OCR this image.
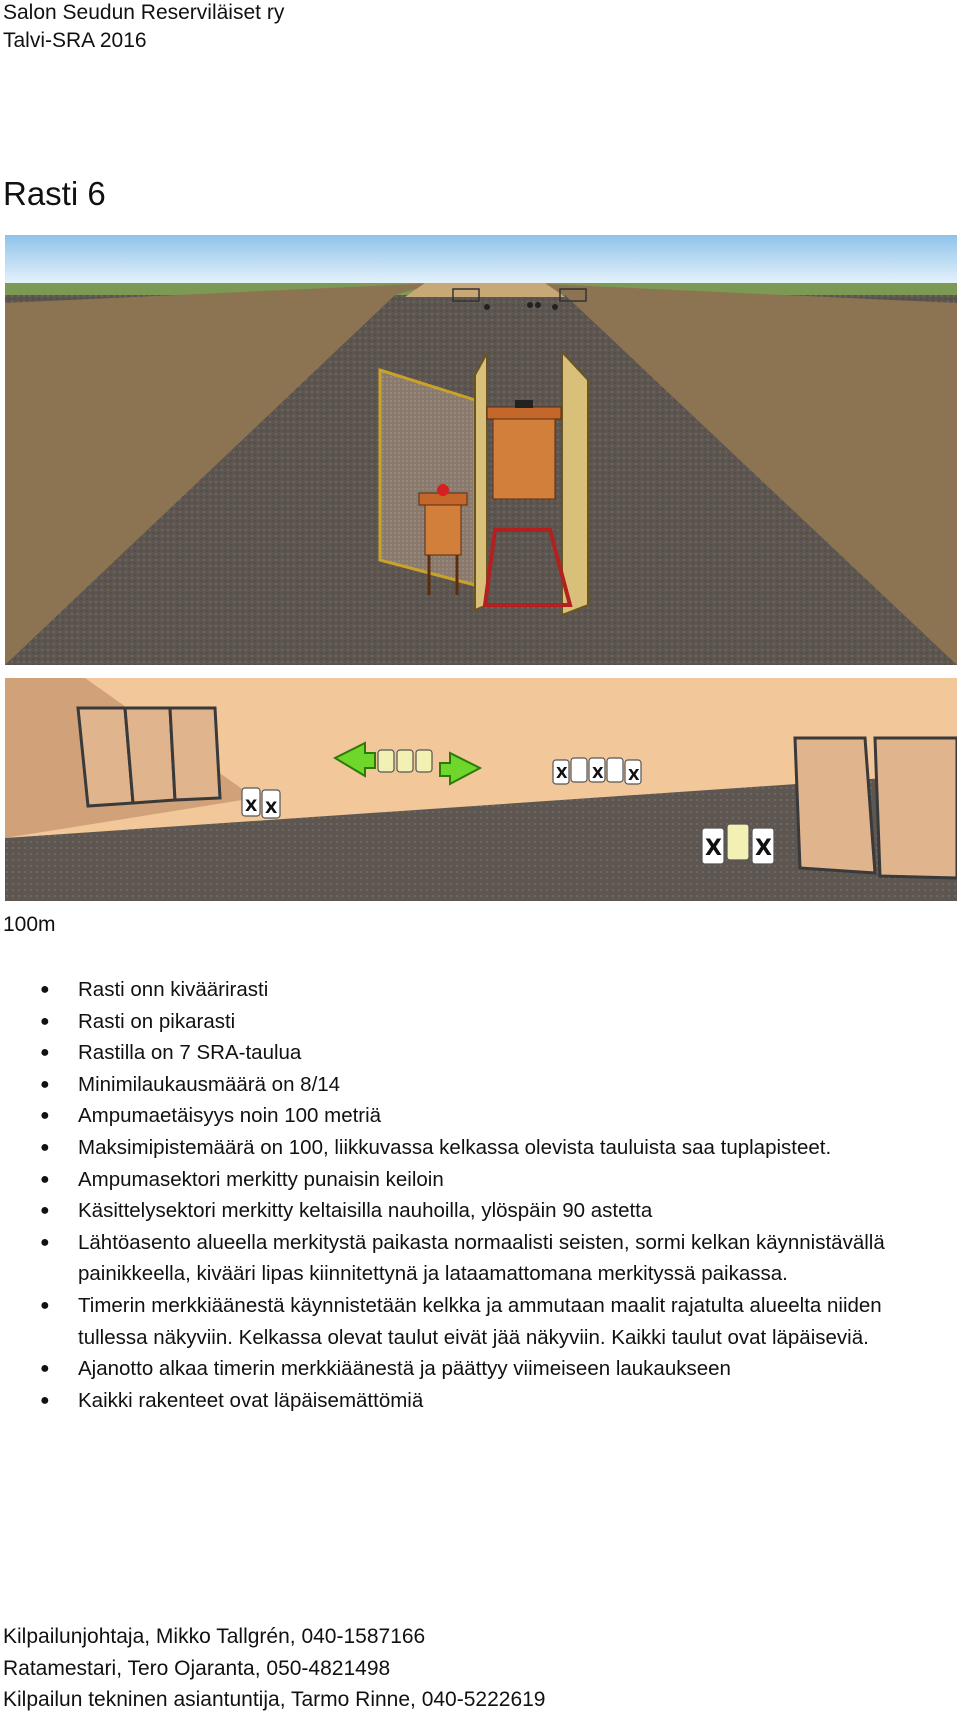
Salon Seudun Reserviläiset ry
Talvi-SRA 2016
Rasti 6
X X
X X X
X X
100m
● Rasti onn kiväärirasti
● Rasti on pikarasti
● Rastilla on 7 SRA-taulua
● Minimilaukausmäärä on 8/14
● Ampumaetäisyys noin 100 metriä
● Maksimipistemäärä on 100, liikkuvassa kelkassa olevista tauluista saa tuplapisteet.
● Ampumasektori merkitty punaisin keiloin
● Käsittelysektori merkitty keltaisilla nauhoilla, ylöspäin 90 astetta
● Lähtöasento alueella merkitystä paikasta normaalisti seisten, sormi kelkan käynnistävällä painikkeella, kivääri lipas kiinnitettynä ja lataamattomana merkityssä paikassa.
● Timerin merkkiäänestä käynnistetään kelkka ja ammutaan maalit rajatulta alueelta niiden tullessa näkyviin. Kelkassa olevat taulut eivät jää näkyviin. Kaikki taulut ovat läpäiseviä.
● Ajanotto alkaa timerin merkkiäänestä ja päättyy viimeiseen laukaukseen
● Kaikki rakenteet ovat läpäisemättömiä
Kilpailunjohtaja, Mikko Tallgrén, 040-1587166
Ratamestari, Tero Ojaranta, 050-4821498
Kilpailun tekninen asiantuntija, Tarmo Rinne, 040-5222619
